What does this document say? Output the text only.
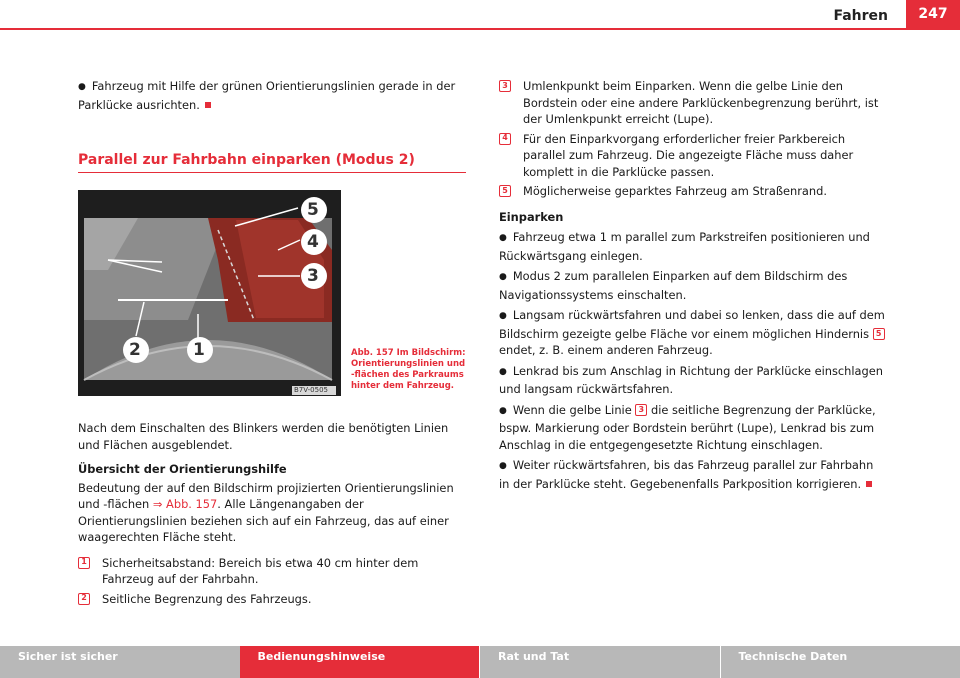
Fahren	247

● Fahrzeug mit Hilfe der grünen Orientierungslinien gerade in der Parklücke ausrichten.

Parallel zur Fahrbahn einparken (Modus 2)
5
4
3
2	1
B7V-0505
Abb. 157 Im Bildschirm: Orientierungslinien und -flächen des Parkraums hinter dem Fahrzeug.

Nach dem Einschalten des Blinkers werden die benötigten Linien und Flächen ausgeblendet.

Übersicht der Orientierungshilfe

Bedeutung der auf den Bildschirm projizierten Orientierungslinien und -flächen ⇒ Abb. 157. Alle Längenangaben der Orientierungslinien beziehen sich auf ein Fahrzeug, das auf einer waagerechten Fläche steht.

1 Sicherheitsabstand: Bereich bis etwa 40 cm hinter dem Fahrzeug auf der Fahrbahn.
2 Seitliche Begrenzung des Fahrzeugs.
3 Umlenkpunkt beim Einparken. Wenn die gelbe Linie den Bordstein oder eine andere Parklückenbegrenzung berührt, ist der Umlenkpunkt erreicht (Lupe).
4 Für den Einparkvorgang erforderlicher freier Parkbereich parallel zum Fahrzeug. Die angezeigte Fläche muss daher komplett in die Parklücke passen.
5 Möglicherweise geparktes Fahrzeug am Straßenrand.

Einparken

● Fahrzeug etwa 1 m parallel zum Parkstreifen positionieren und Rückwärtsgang einlegen.

● Modus 2 zum parallelen Einparken auf dem Bildschirm des Navigationssystems einschalten.

● Langsam rückwärtsfahren und dabei so lenken, dass die auf dem Bildschirm gezeigte gelbe Fläche vor einem möglichen Hindernis 5 endet, z. B. einem anderen Fahrzeug.

● Lenkrad bis zum Anschlag in Richtung der Parklücke einschlagen und langsam rückwärtsfahren.

● Wenn die gelbe Linie 3 die seitliche Begrenzung der Parklücke, bspw. Markierung oder Bordstein berührt (Lupe), Lenkrad bis zum Anschlag in die entgegengesetzte Richtung einschlagen.

● Weiter rückwärtsfahren, bis das Fahrzeug parallel zur Fahrbahn in der Parklücke steht. Gegebenenfalls Parkposition korrigieren.

Sicher ist sicher	Bedienungshinweise	Rat und Tat	Technische Daten
